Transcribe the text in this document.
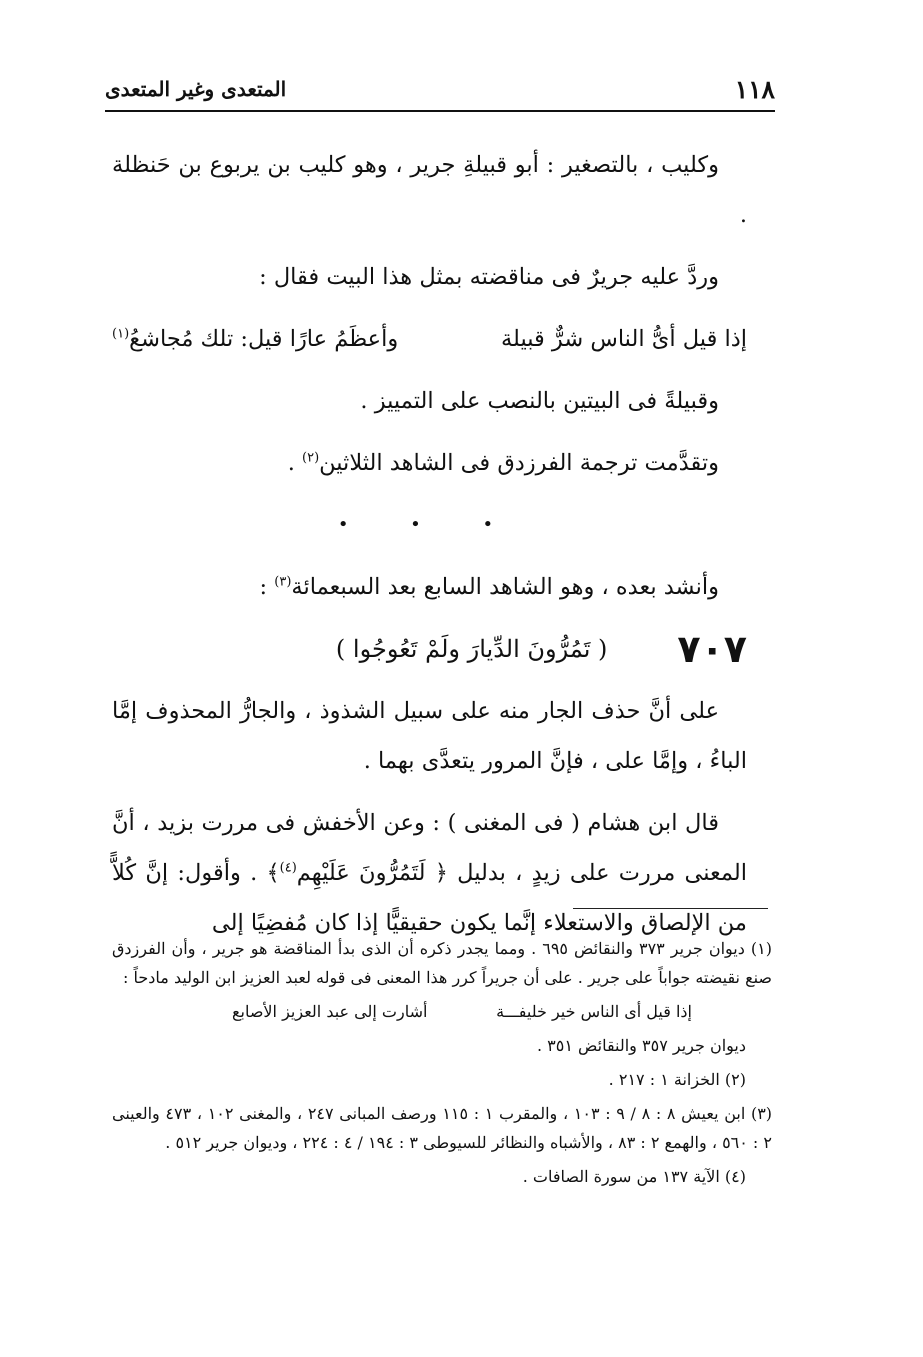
١١٨
المتعدى وغير المتعدى

وكليب ، بالتصغير : أبو قبيلةِ جرير ، وهو كليب بن يربوع بن حَنظلة .

وردَّ عليه جريرٌ فى مناقضته بمثل هذا البيت فقال :

إذا قيل أىُّ الناس شرٌّ قبيلة
وأعظَمُ عارًا قيل: تلك مُجاشعُ$^{(١)}$

وقبيلةً فى البيتين بالنصب على التمييز .

وتقدَّمت ترجمة الفرزدق فى الشاهد الثلاثين$^{(٢)}$ .

• • •

وأنشد بعده ، وهو الشاهد السابع بعد السبعمائة$^{(٣)}$ :

٧٠٧
( تَمُرُّونَ الدِّيارَ ولَمْ تَعُوجُوا )

على أنَّ حذف الجار منه على سبيل الشذوذ ، والجارُّ المحذوف إمَّا الباءُ ، وإمَّا على ، فإنَّ المرور يتعدَّى بهما .

قال ابن هشام ( فى المغنى ) : وعن الأخفش فى مررت بزيد ، أنَّ المعنى مررت على زيدٍ ، بدليل ﴿ لَتَمُرُّونَ عَلَيْهِم$^{(٤)}$﴾ . وأقول: إنَّ كُلاًّ من الإلصاق والاستعلاء إنَّما يكون حقيقيًّا إذا كان مُفضِيًا إلى

(١) ديوان جرير ٣٧٣ والنقائض ٦٩٥ . ومما يجدر ذكره أن الذى بدأ المناقضة هو جرير ، وأن الفرزدق صنع نقيضته جواباً على جرير . على أن جريراً كرر هذا المعنى فى قوله لعبد العزيز ابن الوليد مادحاً :

إذا قيل أى الناس خير خليفـــة
أشارت إلى عبد العزيز الأصابع

ديوان جرير ٣٥٧ والنقائض ٣٥١ .

(٢) الخزانة ١ : ٢١٧ .

(٣) ابن يعيش ٨ : ٨ / ٩ : ١٠٣ ، والمقرب ١ : ١١٥ ورصف المبانى ٢٤٧ ، والمغنى ١٠٢ ، ٤٧٣ والعينى ٢ : ٥٦٠ ، والهمع ٢ : ٨٣ ، والأشباه والنظائر للسيوطى ٣ : ١٩٤ / ٤ : ٢٢٤ ، وديوان جرير ٥١٢ .

(٤) الآية ١٣٧ من سورة الصافات .
